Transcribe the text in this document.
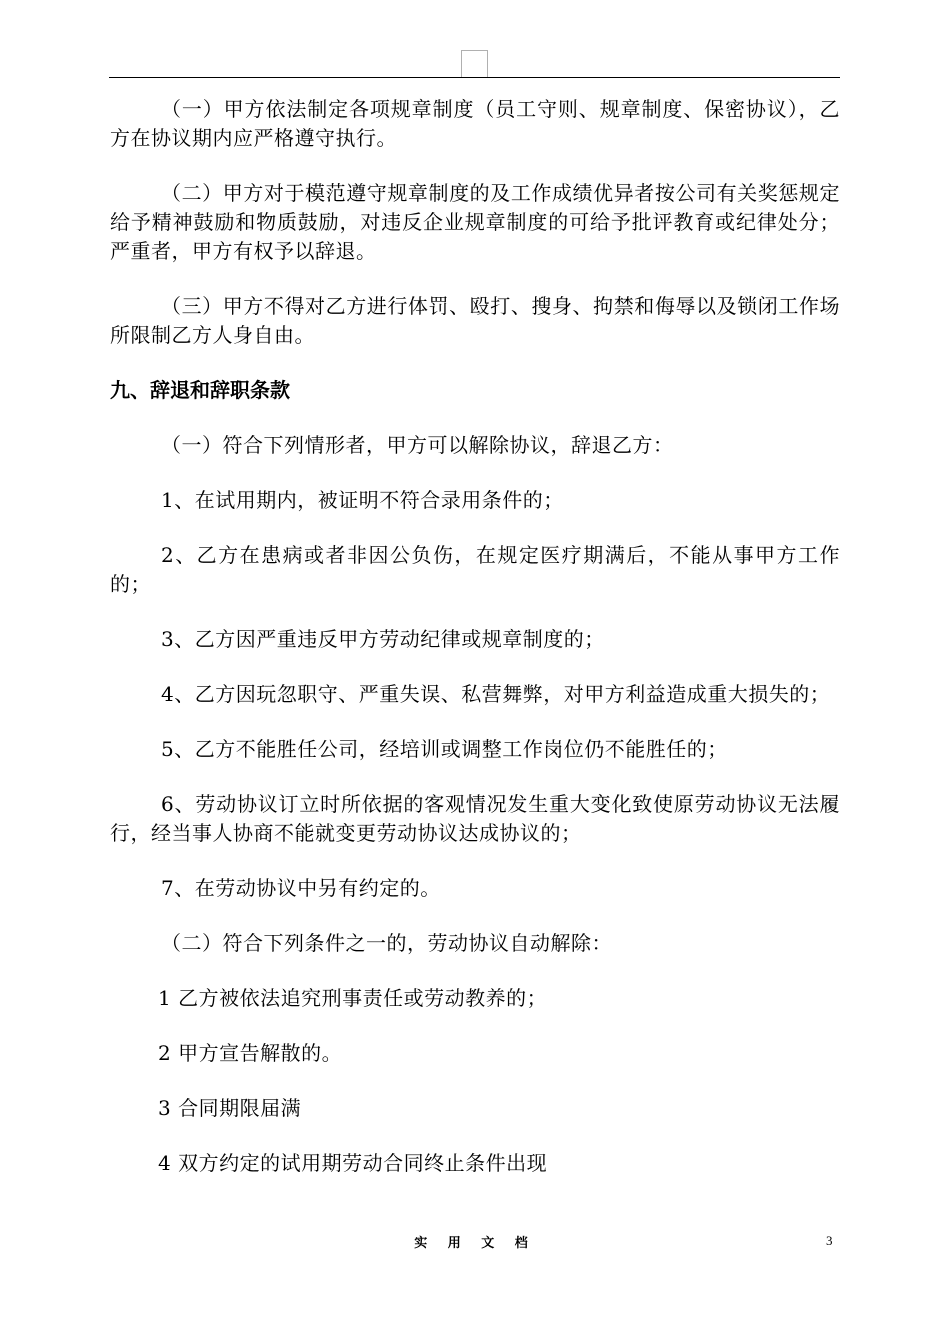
（一）甲方依法制定各项规章制度（员工守则、规章制度、保密协议），乙方在协议期内应严格遵守执行。

（二）甲方对于模范遵守规章制度的及工作成绩优异者按公司有关奖惩规定给予精神鼓励和物质鼓励，对违反企业规章制度的可给予批评教育或纪律处分；严重者，甲方有权予以辞退。

（三）甲方不得对乙方进行体罚、殴打、搜身、拘禁和侮辱以及锁闭工作场所限制乙方人身自由。

九、辞退和辞职条款

（一）符合下列情形者，甲方可以解除协议，辞退乙方：

1、在试用期内，被证明不符合录用条件的；

2、乙方在患病或者非因公负伤，在规定医疗期满后，不能从事甲方工作的；

3、乙方因严重违反甲方劳动纪律或规章制度的；

4、乙方因玩忽职守、严重失误、私营舞弊，对甲方利益造成重大损失的；

5、乙方不能胜任公司，经培训或调整工作岗位仍不能胜任的；

6、劳动协议订立时所依据的客观情况发生重大变化致使原劳动协议无法履行，经当事人协商不能就变更劳动协议达成协议的；

7、在劳动协议中另有约定的。

（二）符合下列条件之一的，劳动协议自动解除：

1 乙方被依法追究刑事责任或劳动教养的；

2 甲方宣告解散的。

3 合同期限届满

4 双方约定的试用期劳动合同终止条件出现

实 用 文 档	3
